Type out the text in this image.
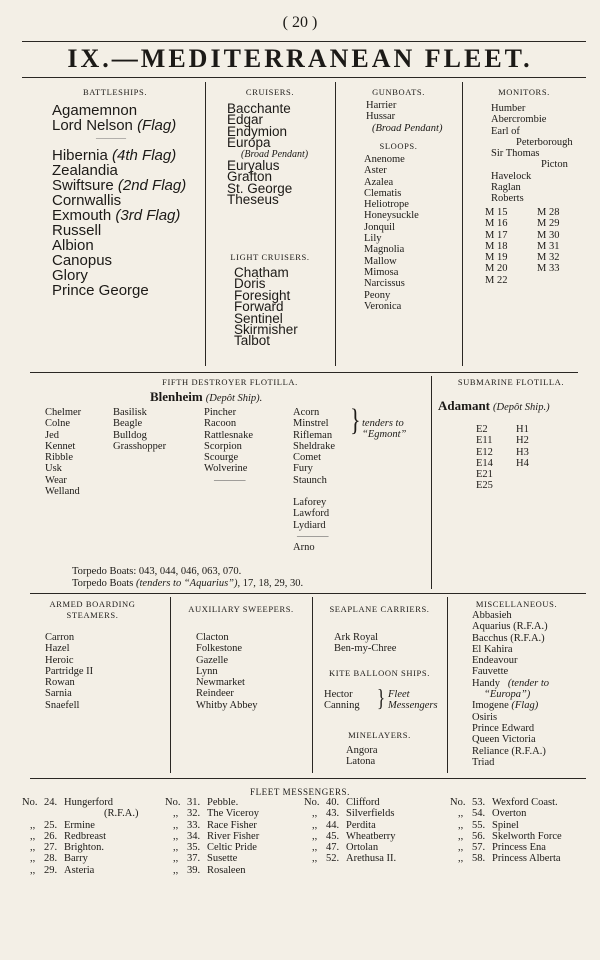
( 20 )
IX.—MEDITERRANEAN FLEET.
BATTLESHIPS.
Agamemnon
Lord Nelson (Flag)
———
Hibernia (4th Flag)
Zealandia
Swiftsure (2nd Flag)
Cornwallis
Exmouth (3rd Flag)
Russell
Albion
Canopus
Glory
Prince George
CRUISERS.
Bacchante
Edgar
Endymion
Europa
(Broad Pendant)
Euryalus
Grafton
St. George
Theseus
LIGHT CRUISERS.
Chatham
Doris
Foresight
Forward
Sentinel
Skirmisher
Talbot
GUNBOATS.
Harrier
Hussar
(Broad Pendant)
SLOOPS.
Anenome
Aster
Azalea
Clematis
Heliotrope
Honeysuckle
Jonquil
Lily
Magnolia
Mallow
Mimosa
Narcissus
Peony
Veronica
MONITORS.
Humber
Abercrombie
Earl of
Peterborough
Sir Thomas
Picton
Havelock
Raglan
Roberts
M 15
M 16
M 17
M 18
M 19
M 20
M 22
M 28
M 29
M 30
M 31
M 32
M 33
FIFTH DESTROYER FLOTILLA.
Blenheim (Depôt Ship).
Chelmer
Colne
Jed
Kennet
Ribble
Usk
Wear
Welland
Basilisk
Beagle
Bulldog
Grasshopper
Pincher
Racoon
Rattlesnake
Scorpion
Scourge
Wolverine
———
Acorn
Minstrel
Rifleman
Sheldrake
Comet
Fury
Staunch
Laforey
Lawford
Lydiard
———
Arno
} tenders to
“Egmont”
Torpedo Boats: 043, 044, 046, 063, 070.
Torpedo Boats (tenders to “Aquarius”), 17, 18, 29, 30.
SUBMARINE FLOTILLA.
Adamant (Depôt Ship.)
E2
E11
E12
E14
E21
E25
H1
H2
H3
H4
ARMED BOARDING STEAMERS.
Carron
Hazel
Heroic
Partridge II
Rowan
Sarnia
Snaefell
AUXILIARY SWEEPERS.
Clacton
Folkestone
Gazelle
Lynn
Newmarket
Reindeer
Whitby Abbey
SEAPLANE CARRIERS.
Ark Royal
Ben-my-Chree
KITE BALLOON SHIPS.
Hector
Canning } Fleet
Messengers
MINELAYERS.
Angora
Latona
MISCELLANEOUS.
Abbasieh
Aquarius (R.F.A.)
Bacchus (R.F.A.)
El Kahira
Endeavour
Fauvette
Handy (tender to
“Europa”)
Imogene (Flag)
Osiris
Prince Edward
Queen Victoria
Reliance (R.F.A.)
Triad
FLEET MESSENGERS.
No. 24. Hungerford
(R.F.A.)
,, 25. Ermine
,, 26. Redbreast
,, 27. Brighton.
,, 28. Barry
,, 29. Asteria
No. 31. Pebble.
,, 32. The Viceroy
,, 33. Race Fisher
,, 34. River Fisher
,, 35. Celtic Pride
,, 37. Susette
,, 39. Rosaleen
No. 40. Clifford
,, 43. Silverfields
,, 44. Perdita
,, 45. Wheatberry
,, 47. Ortolan
,, 52. Arethusa II.
No. 53. Wexford Coast.
,, 54. Overton
,, 55. Spinel
,, 56. Skelworth Force
,, 57. Princess Ena
,, 58. Princess Alberta
